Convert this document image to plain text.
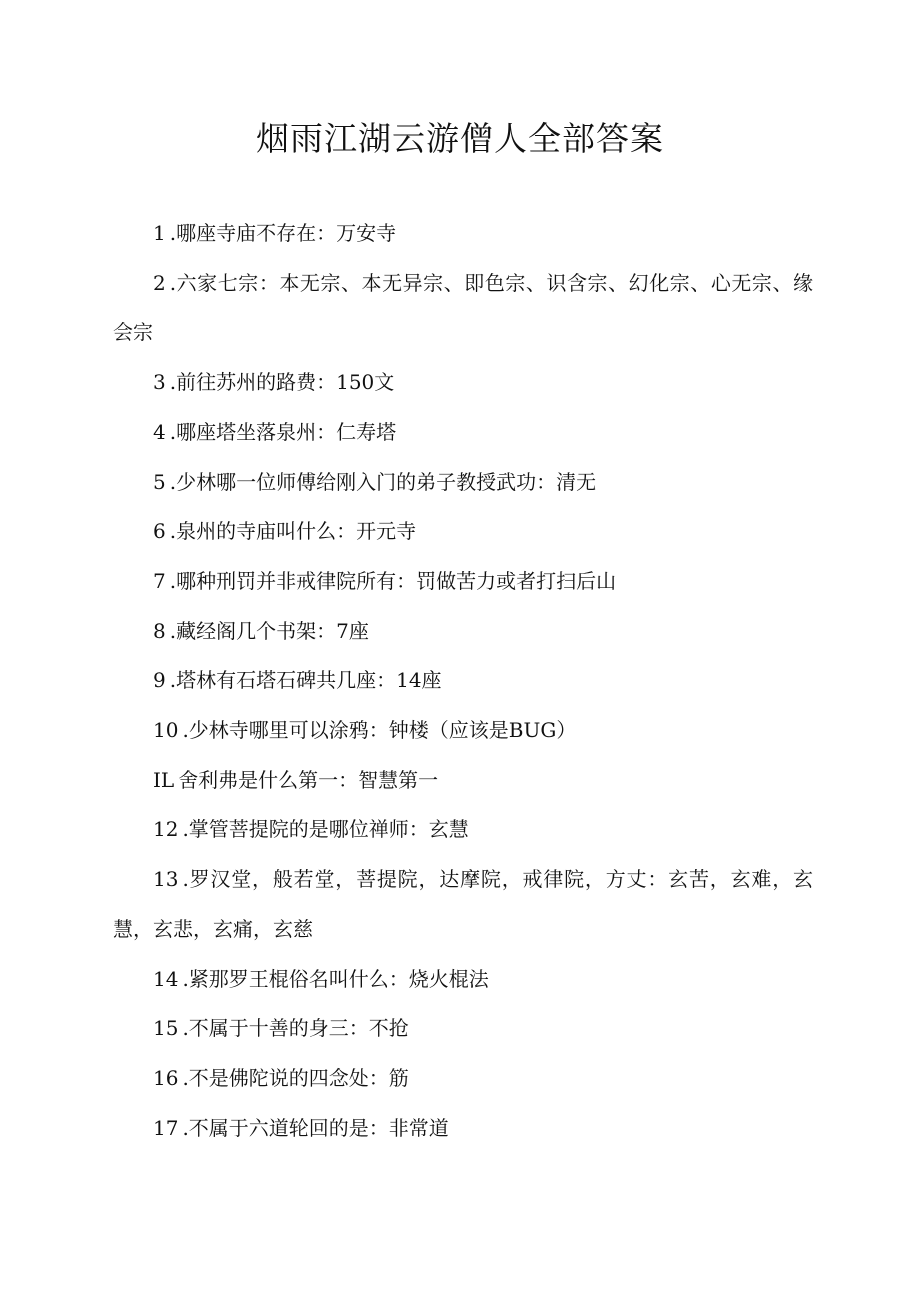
烟雨江湖云游僧人全部答案
1 .哪座寺庙不存在：万安寺
2 .六家七宗：本无宗、本无异宗、即色宗、识含宗、幻化宗、心无宗、缘会宗
3 .前往苏州的路费：150文
4 .哪座塔坐落泉州：仁寿塔
5 .少林哪一位师傅给刚入门的弟子教授武功：清无
6 .泉州的寺庙叫什么：开元寺
7 .哪种刑罚并非戒律院所有：罚做苦力或者打扫后山
8 .藏经阁几个书架：7座
9 .塔林有石塔石碑共几座：14座
10 .少林寺哪里可以涂鸦：钟楼（应该是BUG）
IL 舍利弗是什么第一：智慧第一
12 .掌管菩提院的是哪位禅师：玄慧
13 .罗汉堂，般若堂，菩提院，达摩院，戒律院，方丈：玄苦，玄难，玄慧，玄悲，玄痛，玄慈
14 .紧那罗王棍俗名叫什么：烧火棍法
15 .不属于十善的身三：不抢
16 .不是佛陀说的四念处：筋
17 .不属于六道轮回的是：非常道
